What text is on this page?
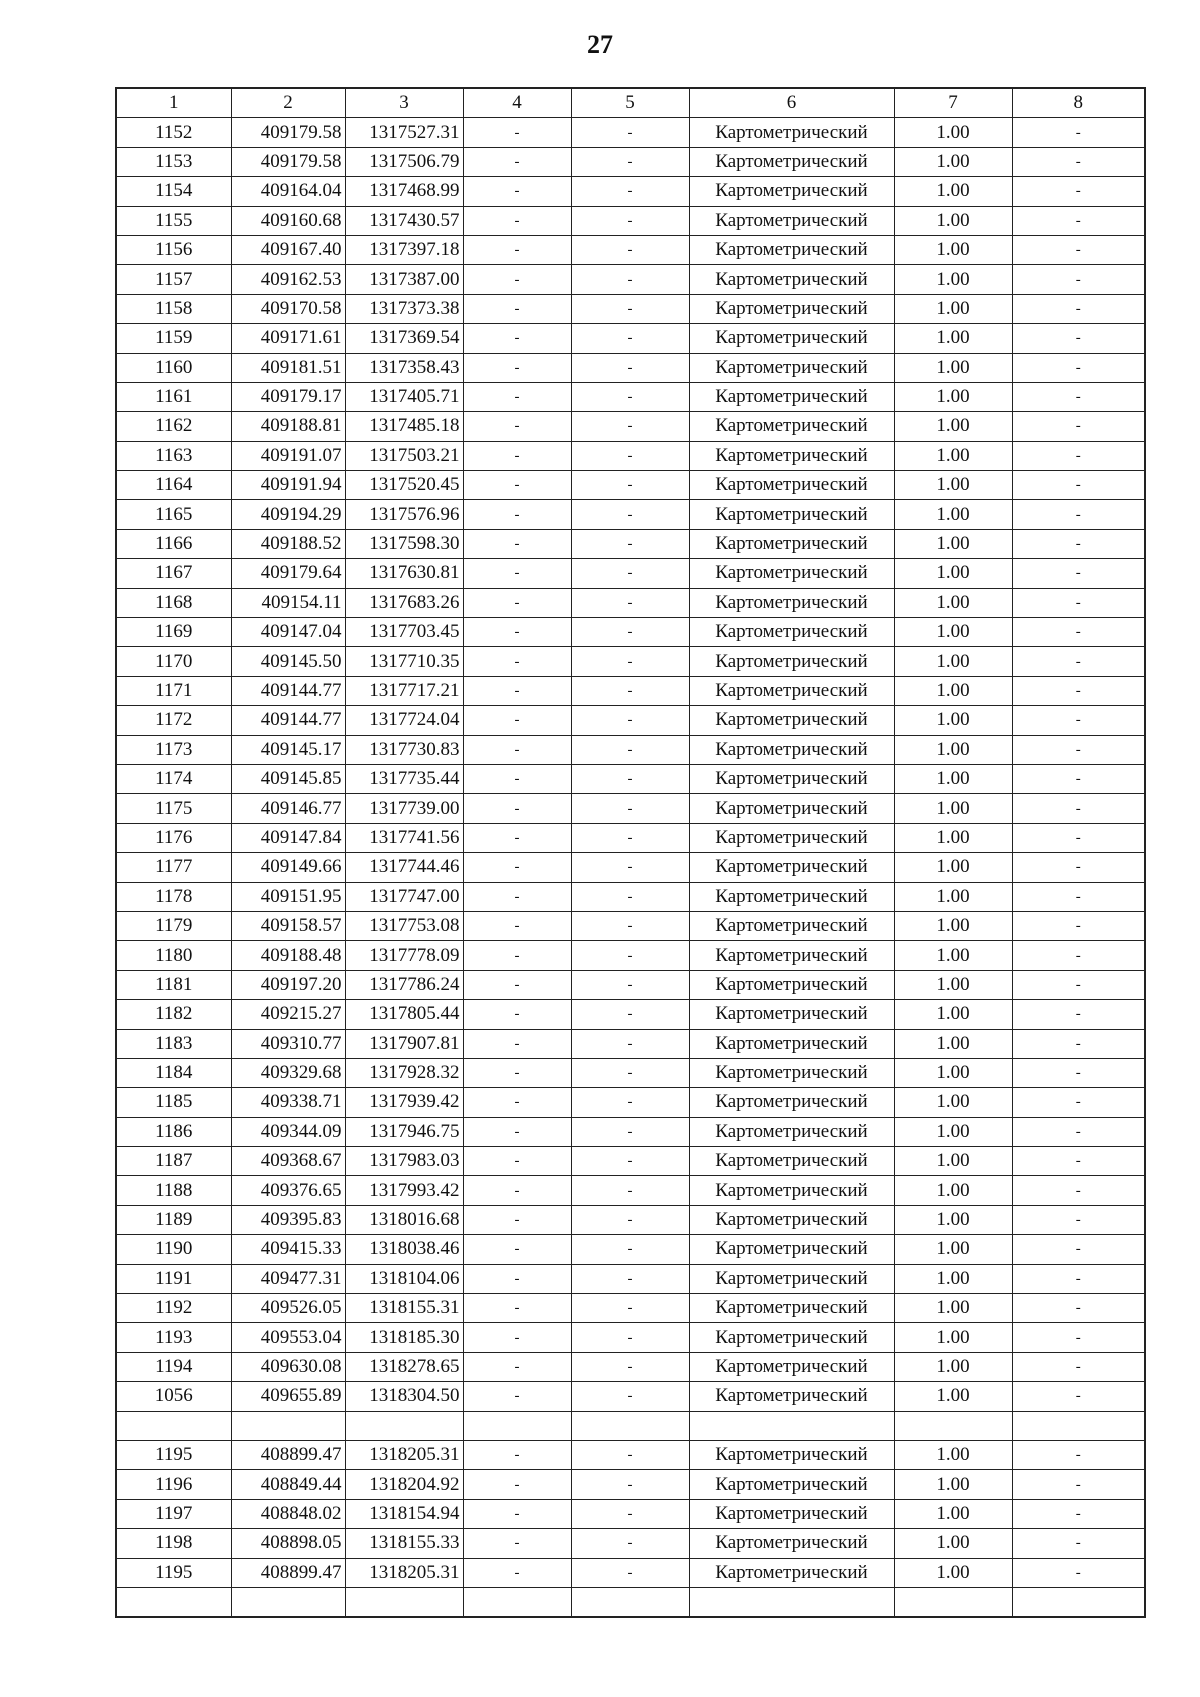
27
1	2	3	4	5	6	7	8
1152	409179.58	1317527.31	-	-	Картометрический	1.00	-
1153	409179.58	1317506.79	-	-	Картометрический	1.00	-
1154	409164.04	1317468.99	-	-	Картометрический	1.00	-
1155	409160.68	1317430.57	-	-	Картометрический	1.00	-
1156	409167.40	1317397.18	-	-	Картометрический	1.00	-
1157	409162.53	1317387.00	-	-	Картометрический	1.00	-
1158	409170.58	1317373.38	-	-	Картометрический	1.00	-
1159	409171.61	1317369.54	-	-	Картометрический	1.00	-
1160	409181.51	1317358.43	-	-	Картометрический	1.00	-
1161	409179.17	1317405.71	-	-	Картометрический	1.00	-
1162	409188.81	1317485.18	-	-	Картометрический	1.00	-
1163	409191.07	1317503.21	-	-	Картометрический	1.00	-
1164	409191.94	1317520.45	-	-	Картометрический	1.00	-
1165	409194.29	1317576.96	-	-	Картометрический	1.00	-
1166	409188.52	1317598.30	-	-	Картометрический	1.00	-
1167	409179.64	1317630.81	-	-	Картометрический	1.00	-
1168	409154.11	1317683.26	-	-	Картометрический	1.00	-
1169	409147.04	1317703.45	-	-	Картометрический	1.00	-
1170	409145.50	1317710.35	-	-	Картометрический	1.00	-
1171	409144.77	1317717.21	-	-	Картометрический	1.00	-
1172	409144.77	1317724.04	-	-	Картометрический	1.00	-
1173	409145.17	1317730.83	-	-	Картометрический	1.00	-
1174	409145.85	1317735.44	-	-	Картометрический	1.00	-
1175	409146.77	1317739.00	-	-	Картометрический	1.00	-
1176	409147.84	1317741.56	-	-	Картометрический	1.00	-
1177	409149.66	1317744.46	-	-	Картометрический	1.00	-
1178	409151.95	1317747.00	-	-	Картометрический	1.00	-
1179	409158.57	1317753.08	-	-	Картометрический	1.00	-
1180	409188.48	1317778.09	-	-	Картометрический	1.00	-
1181	409197.20	1317786.24	-	-	Картометрический	1.00	-
1182	409215.27	1317805.44	-	-	Картометрический	1.00	-
1183	409310.77	1317907.81	-	-	Картометрический	1.00	-
1184	409329.68	1317928.32	-	-	Картометрический	1.00	-
1185	409338.71	1317939.42	-	-	Картометрический	1.00	-
1186	409344.09	1317946.75	-	-	Картометрический	1.00	-
1187	409368.67	1317983.03	-	-	Картометрический	1.00	-
1188	409376.65	1317993.42	-	-	Картометрический	1.00	-
1189	409395.83	1318016.68	-	-	Картометрический	1.00	-
1190	409415.33	1318038.46	-	-	Картометрический	1.00	-
1191	409477.31	1318104.06	-	-	Картометрический	1.00	-
1192	409526.05	1318155.31	-	-	Картометрический	1.00	-
1193	409553.04	1318185.30	-	-	Картометрический	1.00	-
1194	409630.08	1318278.65	-	-	Картометрический	1.00	-
1056	409655.89	1318304.50	-	-	Картометрический	1.00	-

1195	408899.47	1318205.31	-	-	Картометрический	1.00	-
1196	408849.44	1318204.92	-	-	Картометрический	1.00	-
1197	408848.02	1318154.94	-	-	Картометрический	1.00	-
1198	408898.05	1318155.33	-	-	Картометрический	1.00	-
1195	408899.47	1318205.31	-	-	Картометрический	1.00	-
